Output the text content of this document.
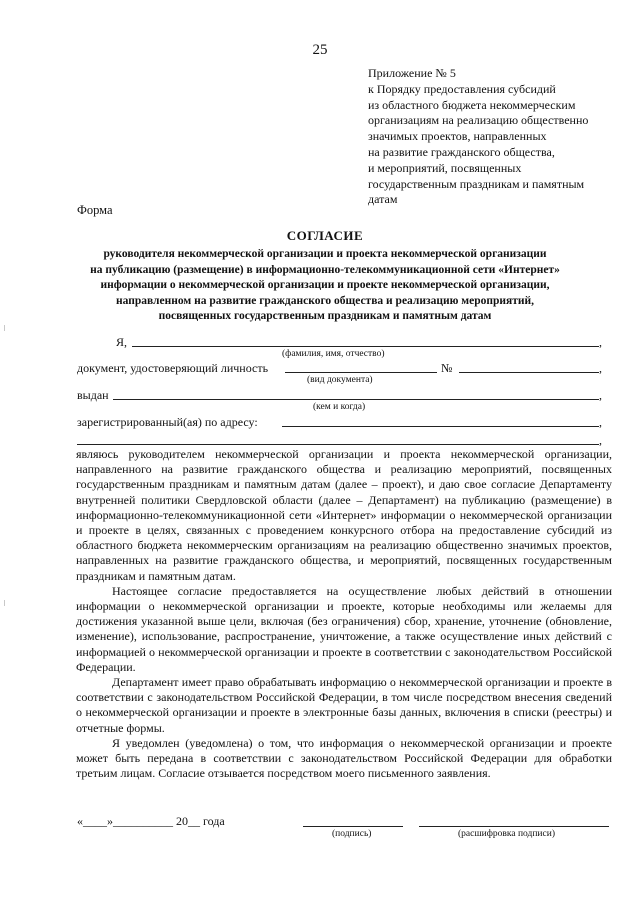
25
Приложение № 5
к Порядку предоставления субсидий
из областного бюджета некоммерческим
организациям на реализацию общественно
значимых проектов, направленных
на развитие гражданского общества,
и мероприятий, посвященных
государственным праздникам и памятным
датам
Форма
СОГЛАСИЕ
руководителя некоммерческой организации и проекта некоммерческой организации
на публикацию (размещение) в информационно-телекоммуникационной сети «Интернет»
информации о некоммерческой организации и проекте некоммерческой организации,
направленном на развитие гражданского общества и реализацию мероприятий,
посвященных государственным праздникам и памятным датам
Я,	,
(фамилия, имя, отчество)
документ, удостоверяющий личность	№	,
(вид документа)
выдан	,
(кем и когда)
зарегистрированный(ая) по адресу:	,
,

являюсь руководителем некоммерческой организации и проекта некоммерческой организации, направленного на развитие гражданского общества и реализацию мероприятий, посвященных государственным праздникам и памятным датам (далее – проект), и даю свое согласие Департаменту внутренней политики Свердловской области (далее – Департамент) на публикацию (размещение) в информационно-телекоммуникационной сети «Интернет» информации о некоммерческой организации и проекте в целях, связанных с проведением конкурсного отбора на предоставление субсидий из областного бюджета некоммерческим организациям на реализацию общественно значимых проектов, направленных на развитие гражданского общества, и мероприятий, посвященных государственным праздникам и памятным датам.

Настоящее согласие предоставляется на осуществление любых действий в отношении информации о некоммерческой организации и проекте, которые необходимы или желаемы для достижения указанной выше цели, включая (без ограничения) сбор, хранение, уточнение (обновление, изменение), использование, распространение, уничтожение, а также осуществление иных действий с информацией о некоммерческой организации и проекте в соответствии с законодательством Российской Федерации.

Департамент имеет право обрабатывать информацию о некоммерческой организации и проекте в соответствии с законодательством Российской Федерации, в том числе посредством внесения сведений о некоммерческой организации и проекте в электронные базы данных, включения в списки (реестры) и отчетные формы.

Я уведомлен (уведомлена) о том, что информация о некоммерческой организации и проекте может быть передана в соответствии с законодательством Российской Федерации для обработки третьим лицам. Согласие отзывается посредством моего письменного заявления.

«____»__________ 20__ года
(подпись)	(расшифровка подписи)
